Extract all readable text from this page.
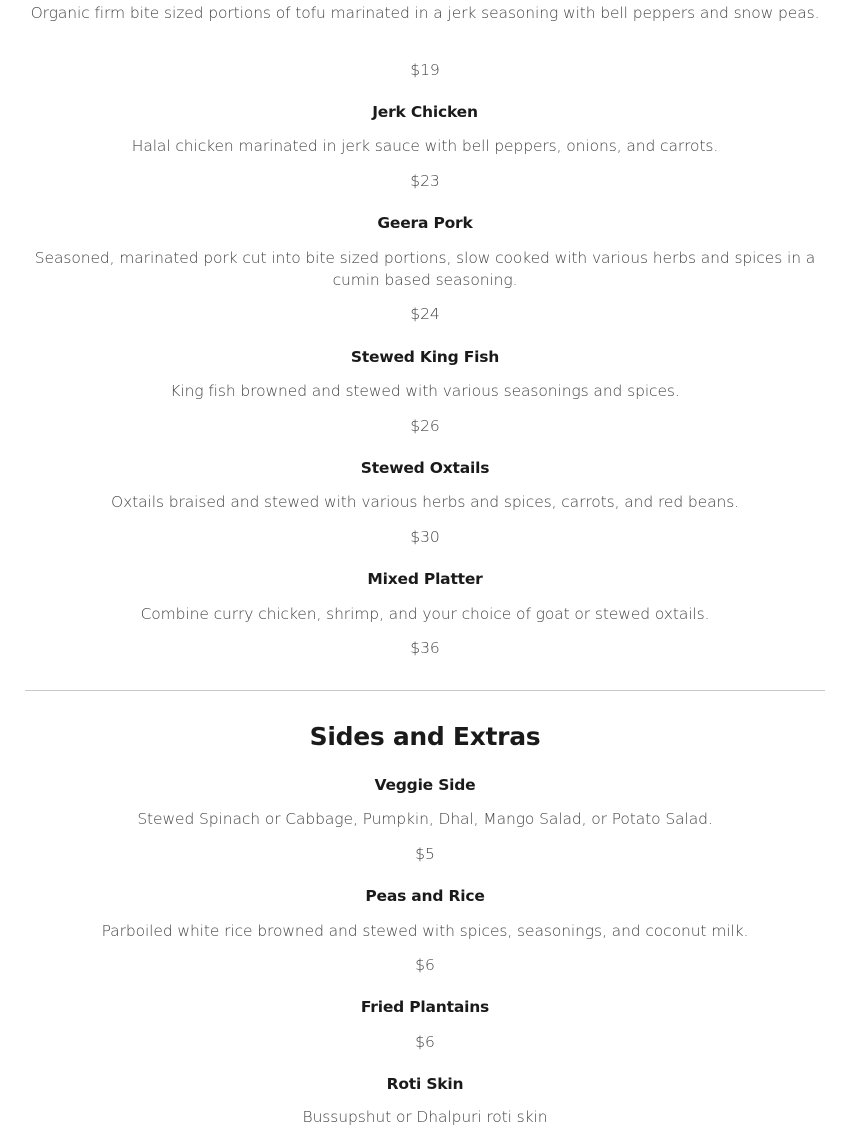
Organic firm bite sized portions of tofu marinated in a jerk seasoning with bell peppers and snow peas.
$19
Jerk Chicken
Halal chicken marinated in jerk sauce with bell peppers, onions, and carrots.
$23
Geera Pork
Seasoned, marinated pork cut into bite sized portions, slow cooked with various herbs and spices in a cumin based seasoning.
$24
Stewed King Fish
King fish browned and stewed with various seasonings and spices.
$26
Stewed Oxtails
Oxtails braised and stewed with various herbs and spices, carrots, and red beans.
$30
Mixed Platter
Combine curry chicken, shrimp, and your choice of goat or stewed oxtails.
$36
Sides and Extras
Veggie Side
Stewed Spinach or Cabbage, Pumpkin, Dhal, Mango Salad, or Potato Salad.
$5
Peas and Rice
Parboiled white rice browned and stewed with spices, seasonings, and coconut milk.
$6
Fried Plantains
$6
Roti Skin
Bussupshut or Dhalpuri roti skin
